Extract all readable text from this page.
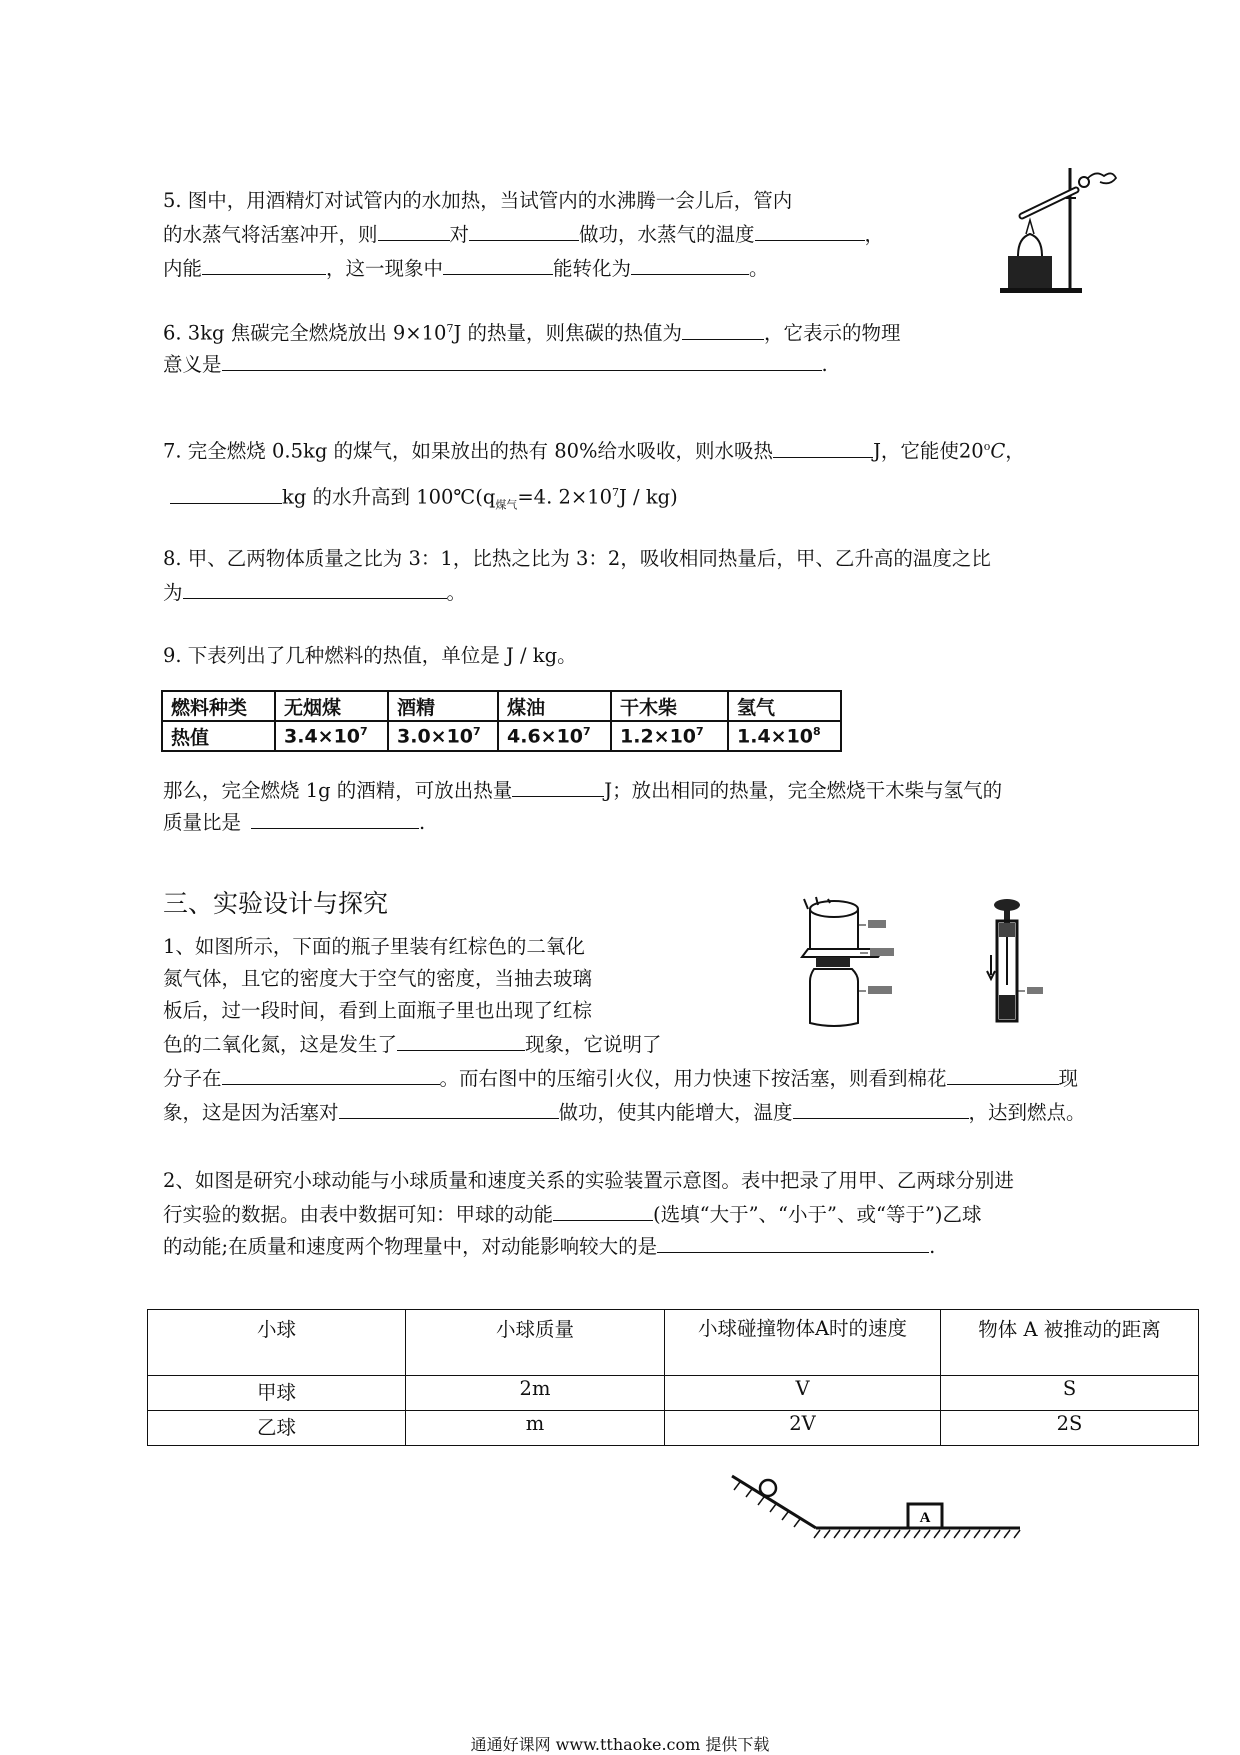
5. 图中，用酒精灯对试管内的水加热，当试管内的水沸腾一会儿后，管内
的水蒸气将活塞冲开，则	对	做功，水蒸气的温度	，
内能	，这一现象中	能转化为	。
6. 3kg 焦碳完全燃烧放出 $9\times 10^7J$ 的热量，则焦碳的热值为	，它表示的物理
意义是	.
7. 完全燃烧 0.5kg 的煤气，如果放出的热有 80%给水吸收，则水吸热	J，它能使20$^o$C，
kg 的水升高到 $100℃(q_{煤气}=4$. $2\times 10^7J / kg$)
8. 甲、乙两物体质量之比为 3：1，比热之比为 3：2，吸收相同热量后，甲、乙升高的温度之比
为	。
9. 下表列出了几种燃料的热值，单位是 J / kg。
燃料种类	无烟煤	酒精	煤油	干木柴	氢气
热值	$3.4\times 10^7$	$3.0\times 10^7$	$4.6\times 10^7$	$1.2\times 10^7$	$1.4\times 10^8$
那么，完全燃烧 1g 的酒精，可放出热量	J；放出相同的热量，完全燃烧干木柴与氢气的
质量比是	.
三、实验设计与探究
1、如图所示，下面的瓶子里装有红棕色的二氧化
氮气体，且它的密度大于空气的密度，当抽去玻璃
板后，过一段时间，看到上面瓶子里也出现了红棕
色的二氧化氮，这是发生了	现象，它说明了
分子在	。而右图中的压缩引火仪，用力快速下按活塞，则看到棉花	现
象，这是因为活塞对	做功，使其内能增大，温度	，达到燃点。
2、如图是研究小球动能与小球质量和速度关系的实验装置示意图。表中把录了用甲、乙两球分别进
行实验的数据。由表中数据可知：甲球的动能	(选填“大于”、“小于”、或“等于”)乙球
的动能;在质量和速度两个物理量中，对动能影响较大的是	.
小球	小球质量	小球碰撞物体A时的速度	物体 A 被推动的距离
甲球	2m	V	S
乙球	m	2V	2S
A
通通好课网 www.tthaoke.com 提供下载
